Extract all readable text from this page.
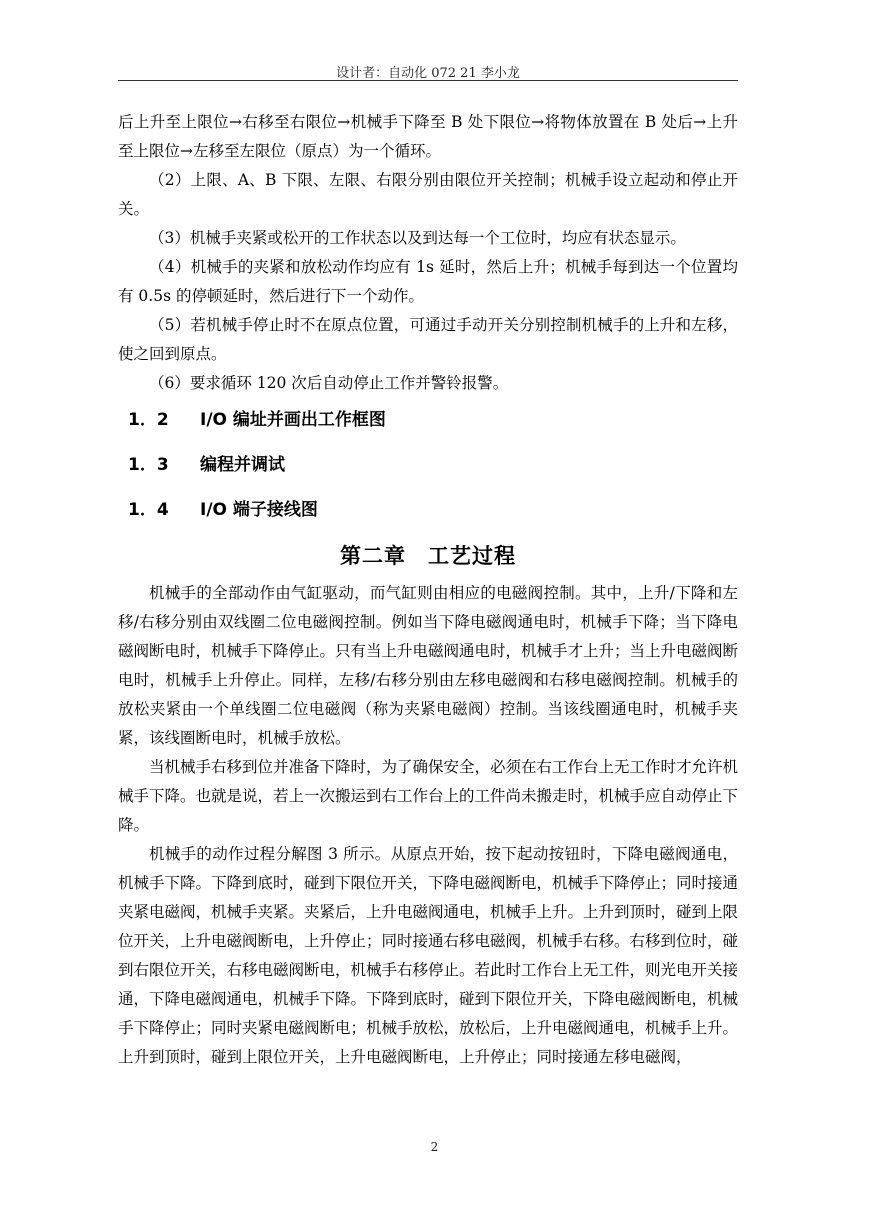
设计者：自动化 072 21 李小龙

后上升至上限位→右移至右限位→机械手下降至 B 处下限位→将物体放置在 B 处后→上升至上限位→左移至左限位（原点）为一个循环。

（2）上限、A、B 下限、左限、右限分别由限位开关控制；机械手设立起动和停止开关。

（3）机械手夹紧或松开的工作状态以及到达每一个工位时，均应有状态显示。

（4）机械手的夹紧和放松动作均应有 1s 延时，然后上升；机械手每到达一个位置均有 0.5s 的停顿延时，然后进行下一个动作。

（5）若机械手停止时不在原点位置，可通过手动开关分别控制机械手的上升和左移，使之回到原点。

（6）要求循环 120 次后自动停止工作并警铃报警。

1．2 I/O 编址并画出工作框图
1．3 编程并调试
1．4 I/O 端子接线图
第二章 工艺过程

机械手的全部动作由气缸驱动，而气缸则由相应的电磁阀控制。其中，上升/下降和左移/右移分别由双线圈二位电磁阀控制。例如当下降电磁阀通电时，机械手下降；当下降电磁阀断电时，机械手下降停止。只有当上升电磁阀通电时，机械手才上升；当上升电磁阀断电时，机械手上升停止。同样，左移/右移分别由左移电磁阀和右移电磁阀控制。机械手的放松夹紧由一个单线圈二位电磁阀（称为夹紧电磁阀）控制。当该线圈通电时，机械手夹紧，该线圈断电时，机械手放松。

当机械手右移到位并准备下降时，为了确保安全，必须在右工作台上无工作时才允许机械手下降。也就是说，若上一次搬运到右工作台上的工件尚未搬走时，机械手应自动停止下降。

机械手的动作过程分解图 3 所示。从原点开始，按下起动按钮时，下降电磁阀通电，机械手下降。下降到底时，碰到下限位开关，下降电磁阀断电，机械手下降停止；同时接通夹紧电磁阀，机械手夹紧。夹紧后，上升电磁阀通电，机械手上升。上升到顶时，碰到上限位开关，上升电磁阀断电，上升停止；同时接通右移电磁阀，机械手右移。右移到位时，碰到右限位开关，右移电磁阀断电，机械手右移停止。若此时工作台上无工件，则光电开关接通，下降电磁阀通电，机械手下降。下降到底时，碰到下限位开关，下降电磁阀断电，机械手下降停止；同时夹紧电磁阀断电；机械手放松，放松后，上升电磁阀通电，机械手上升。上升到顶时，碰到上限位开关，上升电磁阀断电，上升停止；同时接通左移电磁阀，

2
